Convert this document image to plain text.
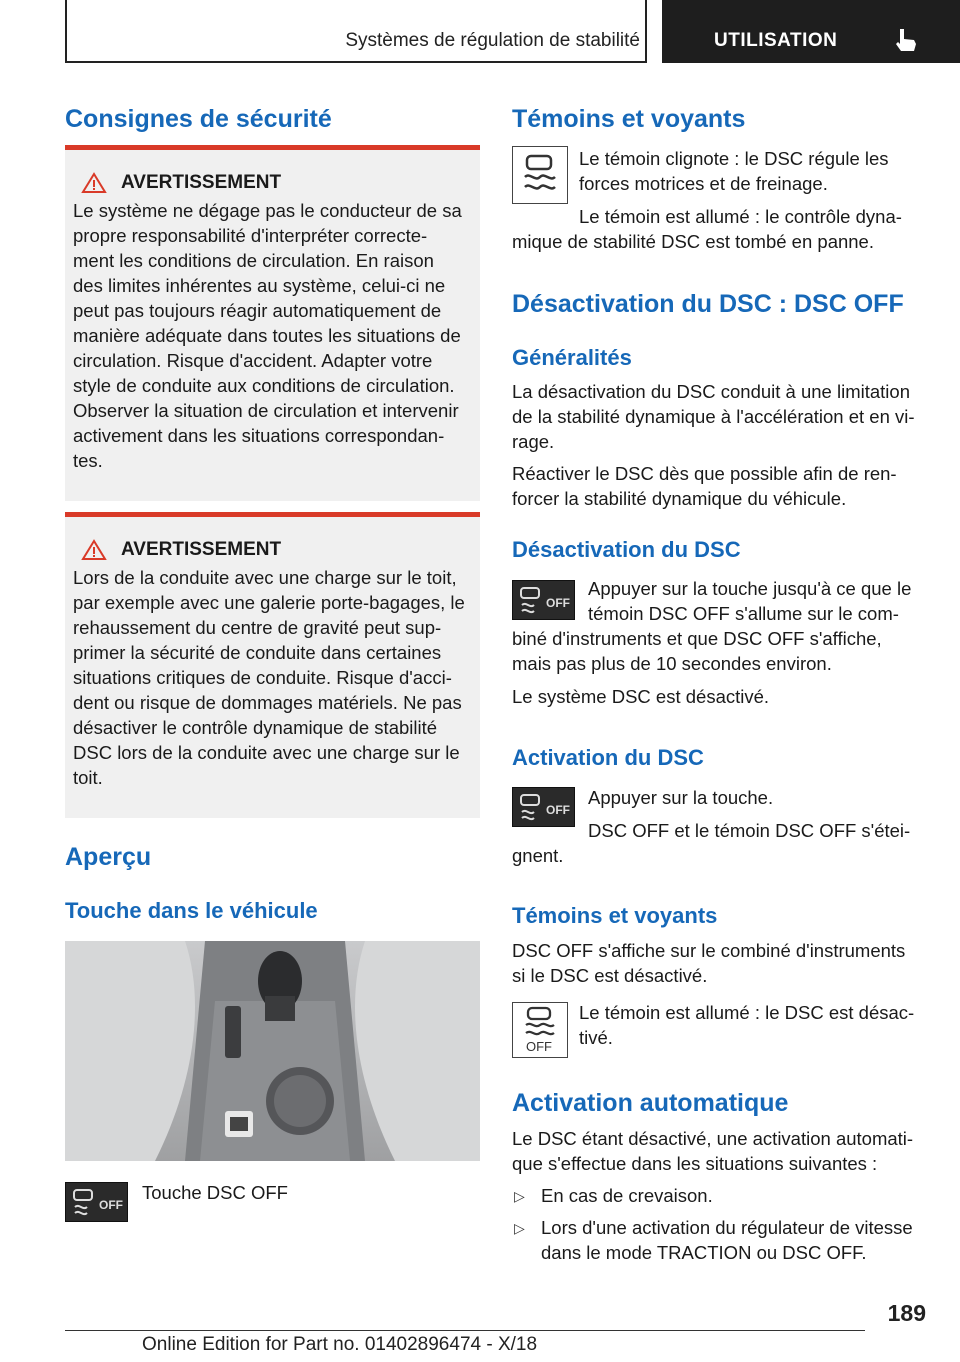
Systèmes de régulation de stabilité	UTILISATION
Consignes de sécurité
AVERTISSEMENT
Le système ne dégage pas le conducteur de sa
propre responsabilité d'interpréter correcte-
ment les conditions de circulation. En raison
des limites inhérentes au système, celui-ci ne
peut pas toujours réagir automatiquement de
manière adéquate dans toutes les situations de
circulation. Risque d'accident. Adapter votre
style de conduite aux conditions de circulation.
Observer la situation de circulation et intervenir
activement dans les situations correspondan-
tes.
AVERTISSEMENT
Lors de la conduite avec une charge sur le toit,
par exemple avec une galerie porte-bagages, le
rehaussement du centre de gravité peut sup-
primer la sécurité de conduite dans certaines
situations critiques de conduite. Risque d'acci-
dent ou risque de dommages matériels. Ne pas
désactiver le contrôle dynamique de stabilité
DSC lors de la conduite avec une charge sur le
toit.
Aperçu
Touche dans le véhicule
OFF
Touche DSC OFF
Témoins et voyants
Le témoin clignote : le DSC régule les
forces motrices et de freinage.
Le témoin est allumé : le contrôle dyna-
mique de stabilité DSC est tombé en panne.
Désactivation du DSC : DSC OFF
Généralités
La désactivation du DSC conduit à une limitation
de la stabilité dynamique à l'accélération et en vi-
rage.
Réactiver le DSC dès que possible afin de ren-
forcer la stabilité dynamique du véhicule.
Désactivation du DSC
OFF
Appuyer sur la touche jusqu'à ce que le
témoin DSC OFF s'allume sur le com-
biné d'instruments et que DSC OFF s'affiche,
mais pas plus de 10 secondes environ.
Le système DSC est désactivé.
Activation du DSC
OFF
Appuyer sur la touche.
DSC OFF et le témoin DSC OFF s'étei-
gnent.
Témoins et voyants
DSC OFF s'affiche sur le combiné d'instruments
si le DSC est désactivé.
OFF
Le témoin est allumé : le DSC est désac-
tivé.
Activation automatique
Le DSC étant désactivé, une activation automati-
que s'effectue dans les situations suivantes :
▷ En cas de crevaison.
▷ Lors d'une activation du régulateur de vitesse
dans le mode TRACTION ou DSC OFF.
189
Online Edition for Part no. 01402896474 - X/18
